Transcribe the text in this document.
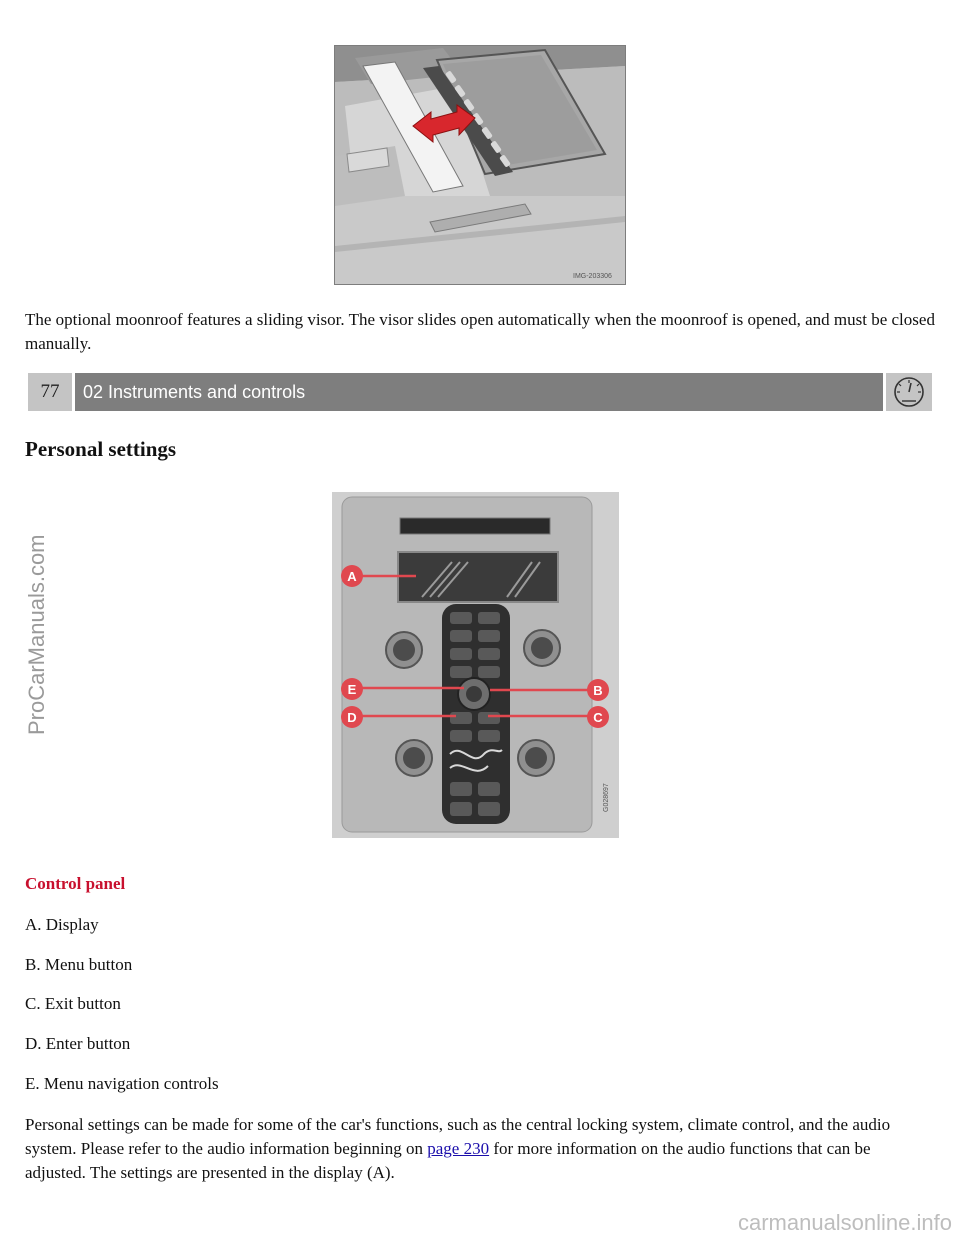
IMG-203306

The optional moonroof features a sliding visor. The visor slides open automatically when the moonroof is opened, and must be closed manually.

77	02 Instruments and controls
Personal settings
A
B
C
D
E
G028697

Control panel

A. Display

B. Menu button

C. Exit button

D. Enter button

E. Menu navigation controls

Personal settings can be made for some of the car's functions, such as the central locking system, climate control, and the audio system. Please refer to the audio information beginning on page 230 for more information on the audio functions that can be adjusted. The settings are presented in the display (A).

ProCarManuals.com
carmanualsonline.info
